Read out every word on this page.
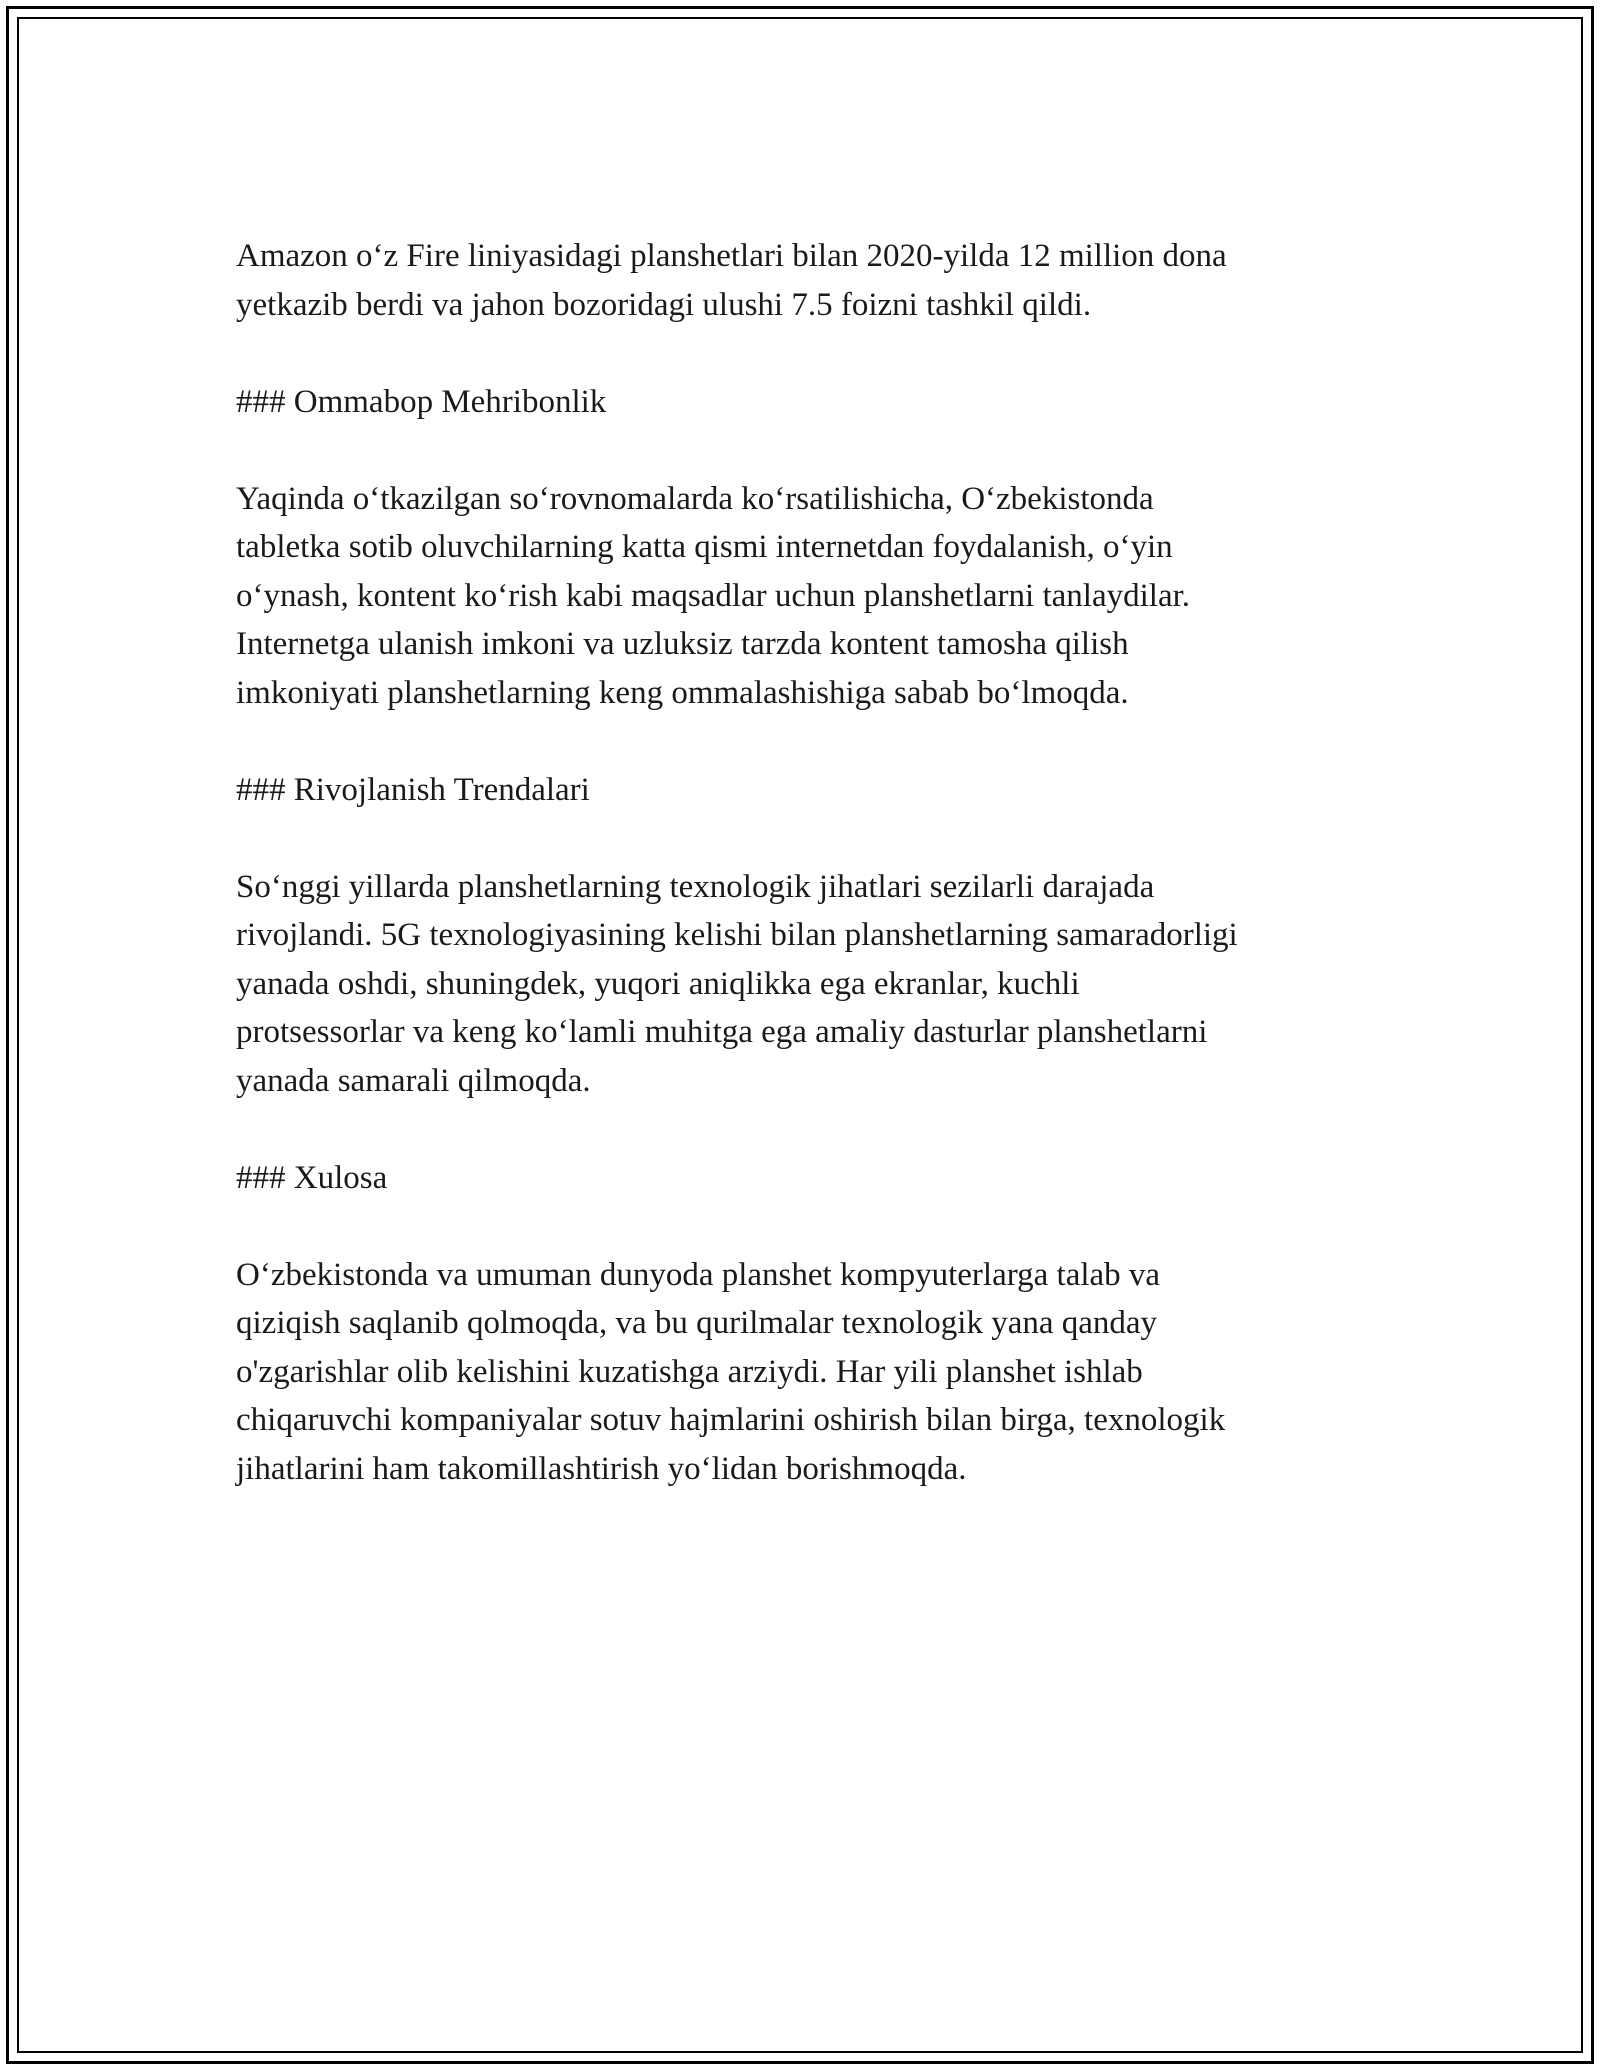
Amazon o‘z Fire liniyasidagi planshetlari bilan 2020-yilda 12 million dona
yetkazib berdi va jahon bozoridagi ulushi 7.5 foizni tashkil qildi.

### Ommabop Mehribonlik

Yaqinda o‘tkazilgan so‘rovnomalarda ko‘rsatilishicha, O‘zbekistonda
tabletka sotib oluvchilarning katta qismi internetdan foydalanish, o‘yin
o‘ynash, kontent ko‘rish kabi maqsadlar uchun planshetlarni tanlaydilar.
Internetga ulanish imkoni va uzluksiz tarzda kontent tamosha qilish
imkoniyati planshetlarning keng ommalashishiga sabab bo‘lmoqda.

### Rivojlanish Trendalari

So‘nggi yillarda planshetlarning texnologik jihatlari sezilarli darajada
rivojlandi. 5G texnologiyasining kelishi bilan planshetlarning samaradorligi
yanada oshdi, shuningdek, yuqori aniqlikka ega ekranlar, kuchli
protsessorlar va keng ko‘lamli muhitga ega amaliy dasturlar planshetlarni
yanada samarali qilmoqda.

### Xulosa

O‘zbekistonda va umuman dunyoda planshet kompyuterlarga talab va
qiziqish saqlanib qolmoqda, va bu qurilmalar texnologik yana qanday
o'zgarishlar olib kelishini kuzatishga arziydi. Har yili planshet ishlab
chiqaruvchi kompaniyalar sotuv hajmlarini oshirish bilan birga, texnologik
jihatlarini ham takomillashtirish yo‘lidan borishmoqda.
